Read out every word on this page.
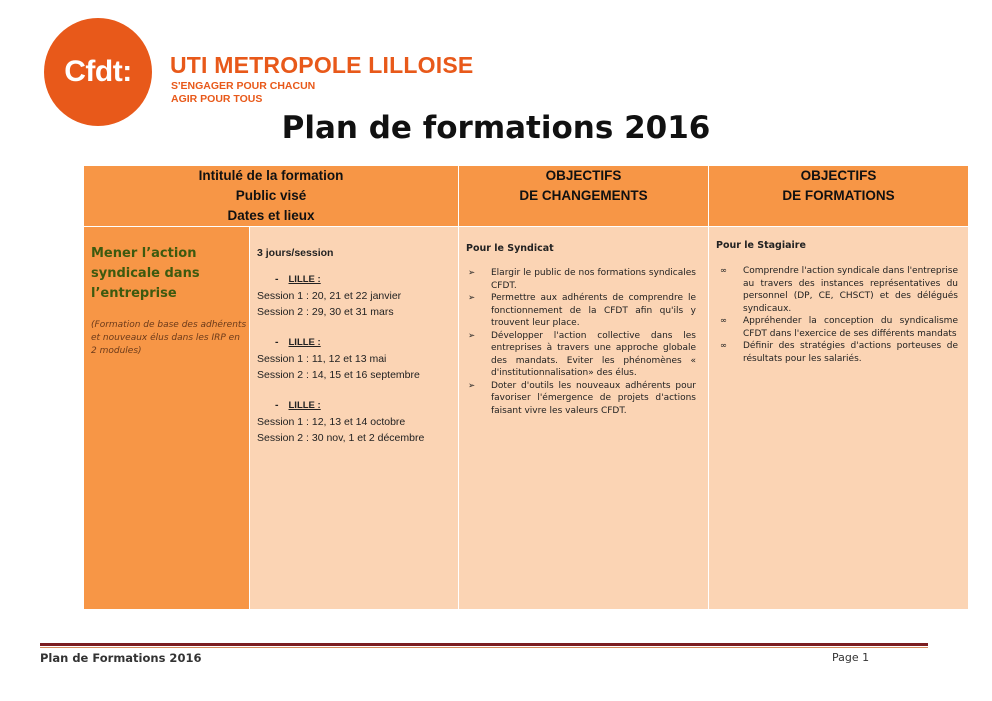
Cfdt:	UTI METROPOLE LILLOISE
S'ENGAGER POUR CHACUN
AGIR POUR TOUS
Plan de formations 2016
Intitulé de la formation
Public visé
Dates et lieux
OBJECTIFS
DE CHANGEMENTS
OBJECTIFS
DE FORMATIONS
Mener l’action
syndicale dans
l’entreprise
(Formation de base des adhérents et nouveaux élus dans les IRP en 2 modules)
3 jours/session
- LILLE :
Session 1 : 20, 21 et 22 janvier
Session 2 : 29, 30 et 31 mars
- LILLE :
Session 1 : 11, 12 et 13 mai
Session 2 : 14, 15 et 16 septembre
- LILLE :
Session 1 : 12, 13 et 14 octobre
Session 2 : 30 nov, 1 et 2 décembre
Pour le Syndicat
➢ Elargir le public de nos formations syndicales CFDT.
➢ Permettre aux adhérents de comprendre le fonctionnement de la CFDT afin qu'ils y trouvent leur place.
➢ Développer l'action collective dans les entreprises à travers une approche globale des mandats. Eviter les phénomènes « d'institutionnalisation» des élus.
➢ Doter d'outils les nouveaux adhérents pour favoriser l'émergence de projets d'actions faisant vivre les valeurs CFDT.
Pour le Stagiaire
∞ Comprendre l'action syndicale dans l'entreprise au travers des instances représentatives du personnel (DP, CE, CHSCT) et des délégués syndicaux.
∞ Appréhender la conception du syndicalisme CFDT dans l'exercice de ses différents mandats
∞ Définir des stratégies d'actions porteuses de résultats pour les salariés.
Plan de Formations 2016	Page 1
